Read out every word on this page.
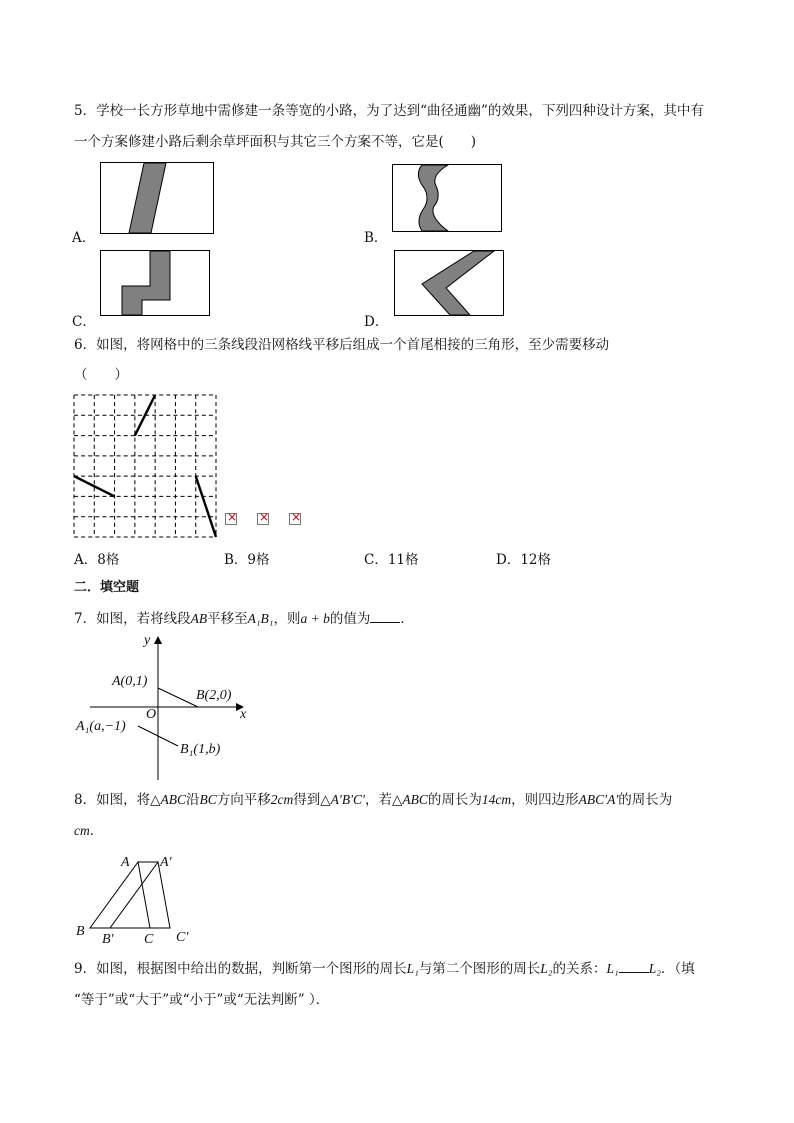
5．学校一长方形草地中需修建一条等宽的小路，为了达到“曲径通幽”的效果，下列四种设计方案，其中有
一个方案修建小路后剩余草坪面积与其它三个方案不等，它是(　　)
A．	B．
C．	D．
6．如图，将网格中的三条线段沿网格线平移后组成一个首尾相接的三角形，至少需要移动
（　　）
×
×
×
A．8格	B．9格	C．11格	D．12格
二．填空题
7．如图，若将线段AB平移至A₁B₁，则a + b的值为 ．
y
x
O
A(0,1)
B(2,0)
A₁(a,−1)
B₁(1,b)
8．如图，将△ABC沿BC方向平移2cm得到△A′B′C′，若△ABC的周长为14cm，则四边形ABC′A′的周长为
cm．
A A′
B
B′ C C′
9．如图，根据图中给出的数据，判断第一个图形的周长L₁与第二个图形的周长L₂的关系：L₁ L₂．（填
“等于”或“大于”或“小于”或“无法判断” ）．
